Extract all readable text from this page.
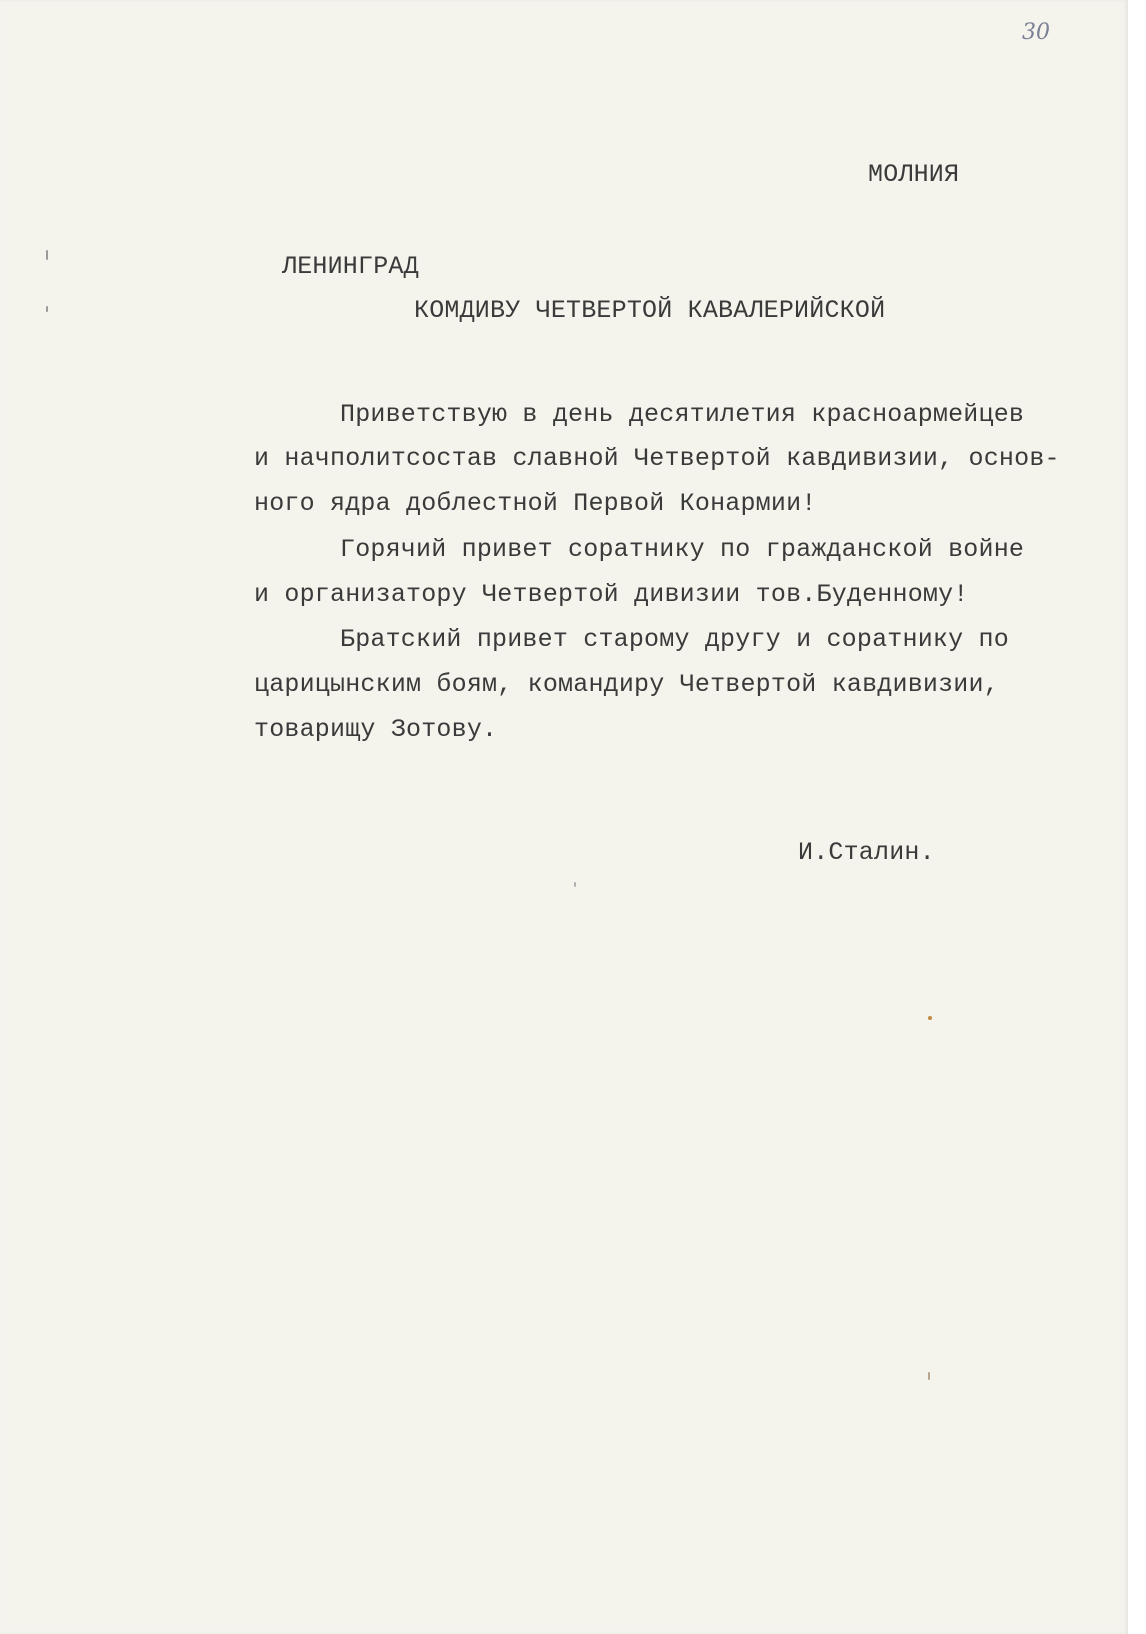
30
МОЛНИЯ
ЛЕНИНГРАД
КОМДИВУ ЧЕТВЕРТОЙ КАВАЛЕРИЙСКОЙ
Приветствую в день десятилетия красноармейцев
и начполитсостав славной Четвертой кавдивизии, основ-
ного ядра доблестной Первой Конармии!
Горячий привет соратнику по гражданской войне
и организатору Четвертой дивизии тов.Буденному!
Братский привет старому другу и соратнику по
царицынским боям, командиру Четвертой кавдивизии,
товарищу Зотову.
И.Сталин.
